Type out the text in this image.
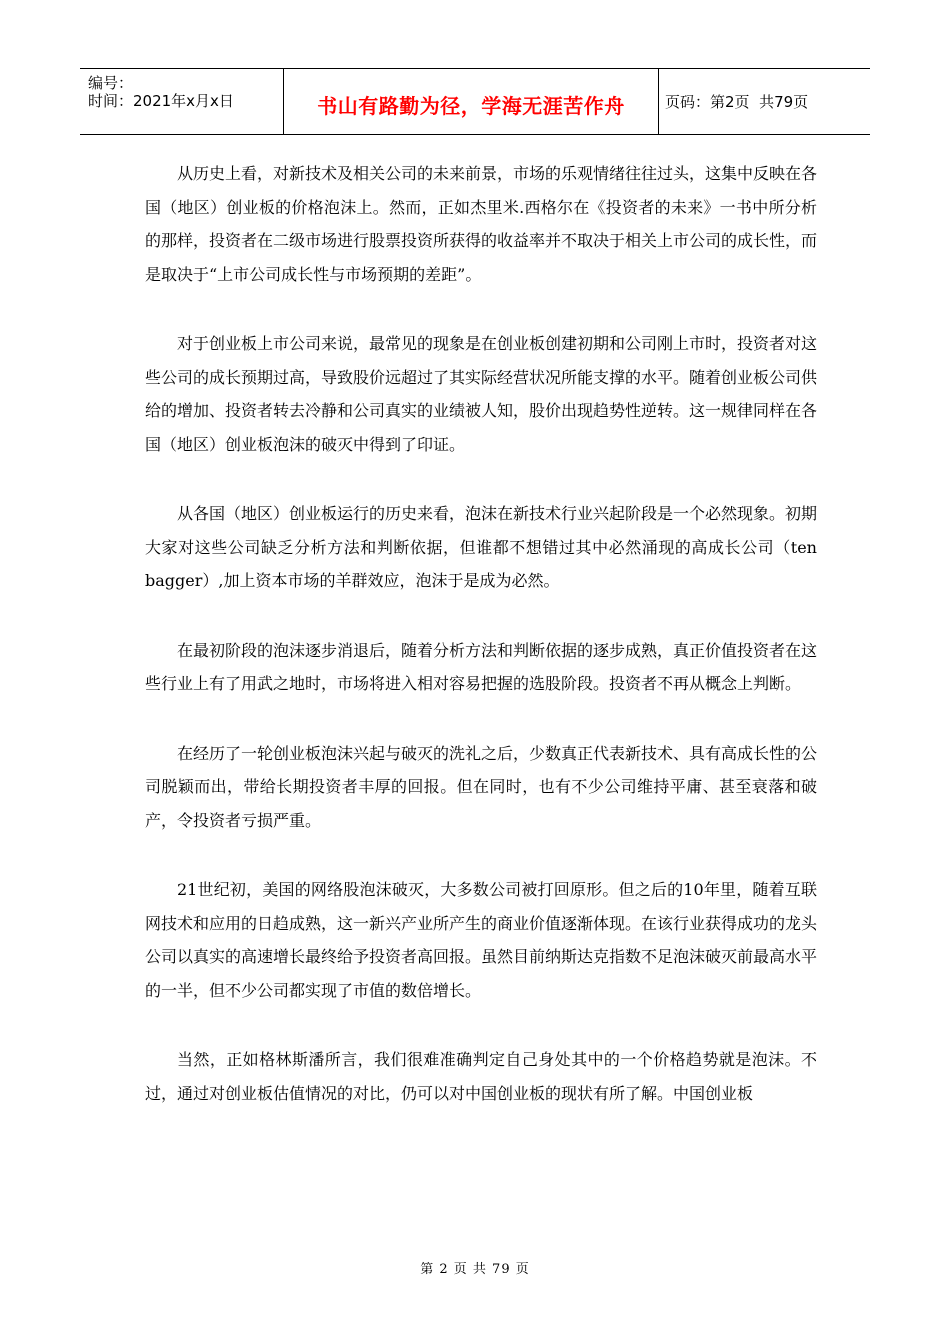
编号：
时间：2021年x月x日	书山有路勤为径，学海无涯苦作舟	页码：第2页  共79页

从历史上看，对新技术及相关公司的未来前景，市场的乐观情绪往往过头，这集中反映在各国（地区）创业板的价格泡沫上。然而，正如杰里米.西格尔在《投资者的未来》一书中所分析的那样，投资者在二级市场进行股票投资所获得的收益率并不取决于相关上市公司的成长性，而是取决于“上市公司成长性与市场预期的差距”。

对于创业板上市公司来说，最常见的现象是在创业板创建初期和公司刚上市时，投资者对这些公司的成长预期过高，导致股价远超过了其实际经营状况所能支撑的水平。随着创业板公司供给的增加、投资者转去冷静和公司真实的业绩被人知，股价出现趋势性逆转。这一规律同样在各国（地区）创业板泡沫的破灭中得到了印证。

从各国（地区）创业板运行的历史来看，泡沫在新技术行业兴起阶段是一个必然现象。初期大家对这些公司缺乏分析方法和判断依据，但谁都不想错过其中必然涌现的高成长公司（ten bagger）,加上资本市场的羊群效应，泡沫于是成为必然。

在最初阶段的泡沫逐步消退后，随着分析方法和判断依据的逐步成熟，真正价值投资者在这些行业上有了用武之地时，市场将进入相对容易把握的选股阶段。投资者不再从概念上判断。

在经历了一轮创业板泡沫兴起与破灭的洗礼之后，少数真正代表新技术、具有高成长性的公司脱颖而出，带给长期投资者丰厚的回报。但在同时，也有不少公司维持平庸、甚至衰落和破产，令投资者亏损严重。

21世纪初，美国的网络股泡沫破灭，大多数公司被打回原形。但之后的10年里，随着互联网技术和应用的日趋成熟，这一新兴产业所产生的商业价值逐渐体现。在该行业获得成功的龙头公司以真实的高速增长最终给予投资者高回报。虽然目前纳斯达克指数不足泡沫破灭前最高水平的一半，但不少公司都实现了市值的数倍增长。

当然，正如格林斯潘所言，我们很难准确判定自己身处其中的一个价格趋势就是泡沫。不过，通过对创业板估值情况的对比，仍可以对中国创业板的现状有所了解。中国创业板

第 2 页 共 79 页
